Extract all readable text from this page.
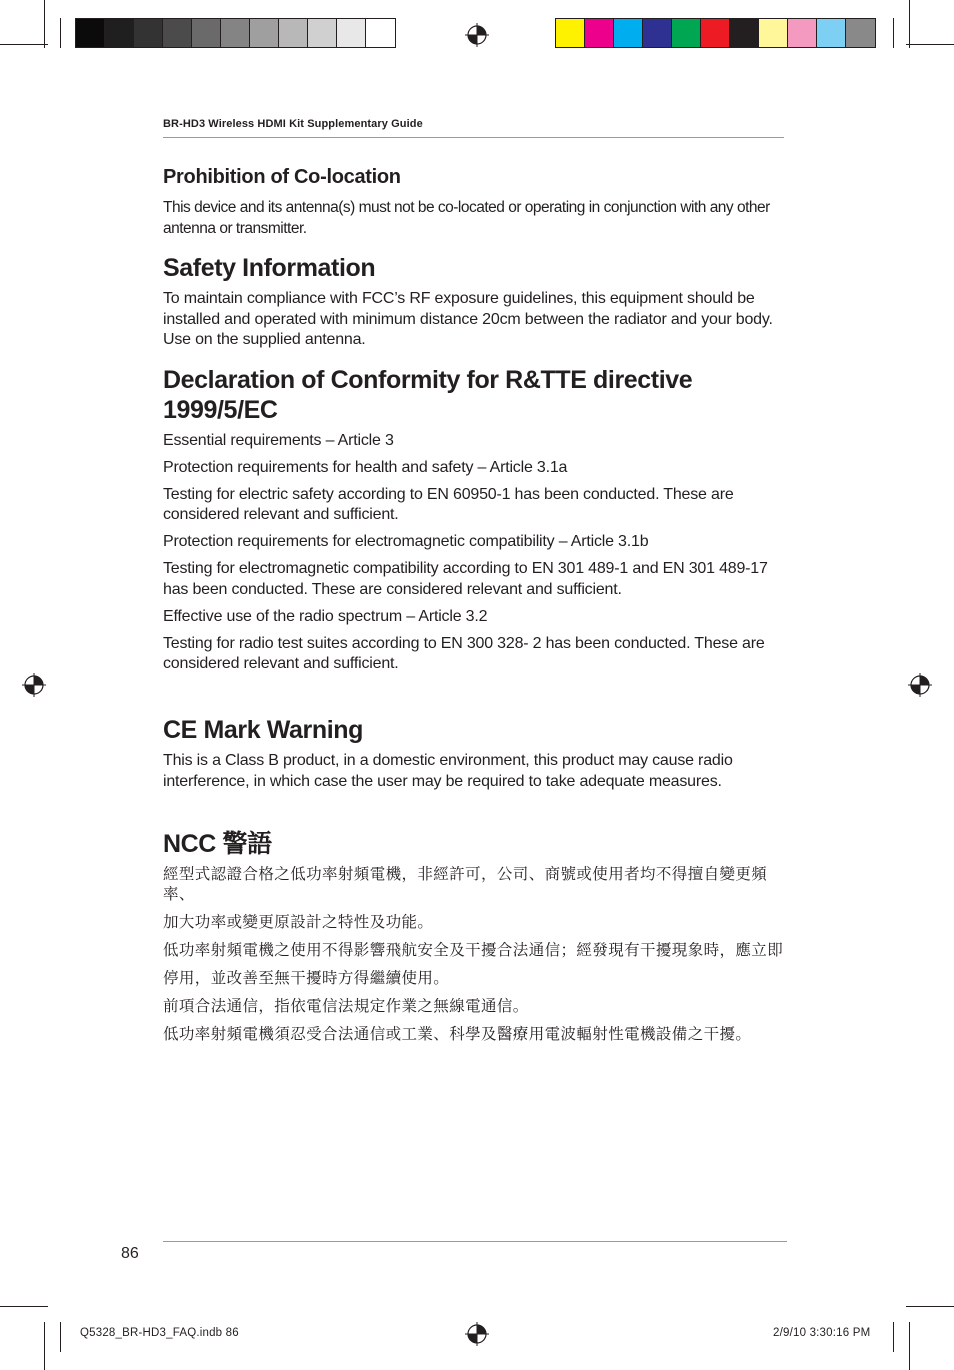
BR-HD3 Wireless HDMI Kit Supplementary Guide
Prohibition of Co-location

This device and its antenna(s) must not be co-located or operating in conjunction with any other antenna or transmitter.

Safety Information

To maintain compliance with FCC’s RF exposure guidelines, this equipment should be installed and operated with minimum distance 20cm between the radiator and your body. Use on the supplied antenna.

Declaration of Conformity for R&TTE directive
1999/5/EC

Essential requirements – Article 3

Protection requirements for health and safety – Article 3.1a

Testing for electric safety according to EN 60950-1 has been conducted. These are considered relevant and sufficient.

Protection requirements for electromagnetic compatibility – Article 3.1b

Testing for electromagnetic compatibility according to EN 301 489-1 and EN 301 489-17 has been conducted. These are considered relevant and sufficient.

Effective use of the radio spectrum – Article 3.2

Testing for radio test suites according to EN 300 328- 2 has been conducted. These are considered relevant and sufficient.

CE Mark Warning

This is a Class B product, in a domestic environment, this product may cause radio interference, in which case the user may be required to take adequate measures.

NCC 警語

經型式認證合格之低功率射頻電機，非經許可，公司、商號或使用者均不得擅自變更頻率、

加大功率或變更原設計之特性及功能。

低功率射頻電機之使用不得影響飛航安全及干擾合法通信；經發現有干擾現象時，應立即

停用，並改善至無干擾時方得繼續使用。

前項合法通信，指依電信法規定作業之無線電通信。

低功率射頻電機須忍受合法通信或工業、科學及醫療用電波輻射性電機設備之干擾。

86
Q5328_BR-HD3_FAQ.indb 86	2/9/10 3:30:16 PM
